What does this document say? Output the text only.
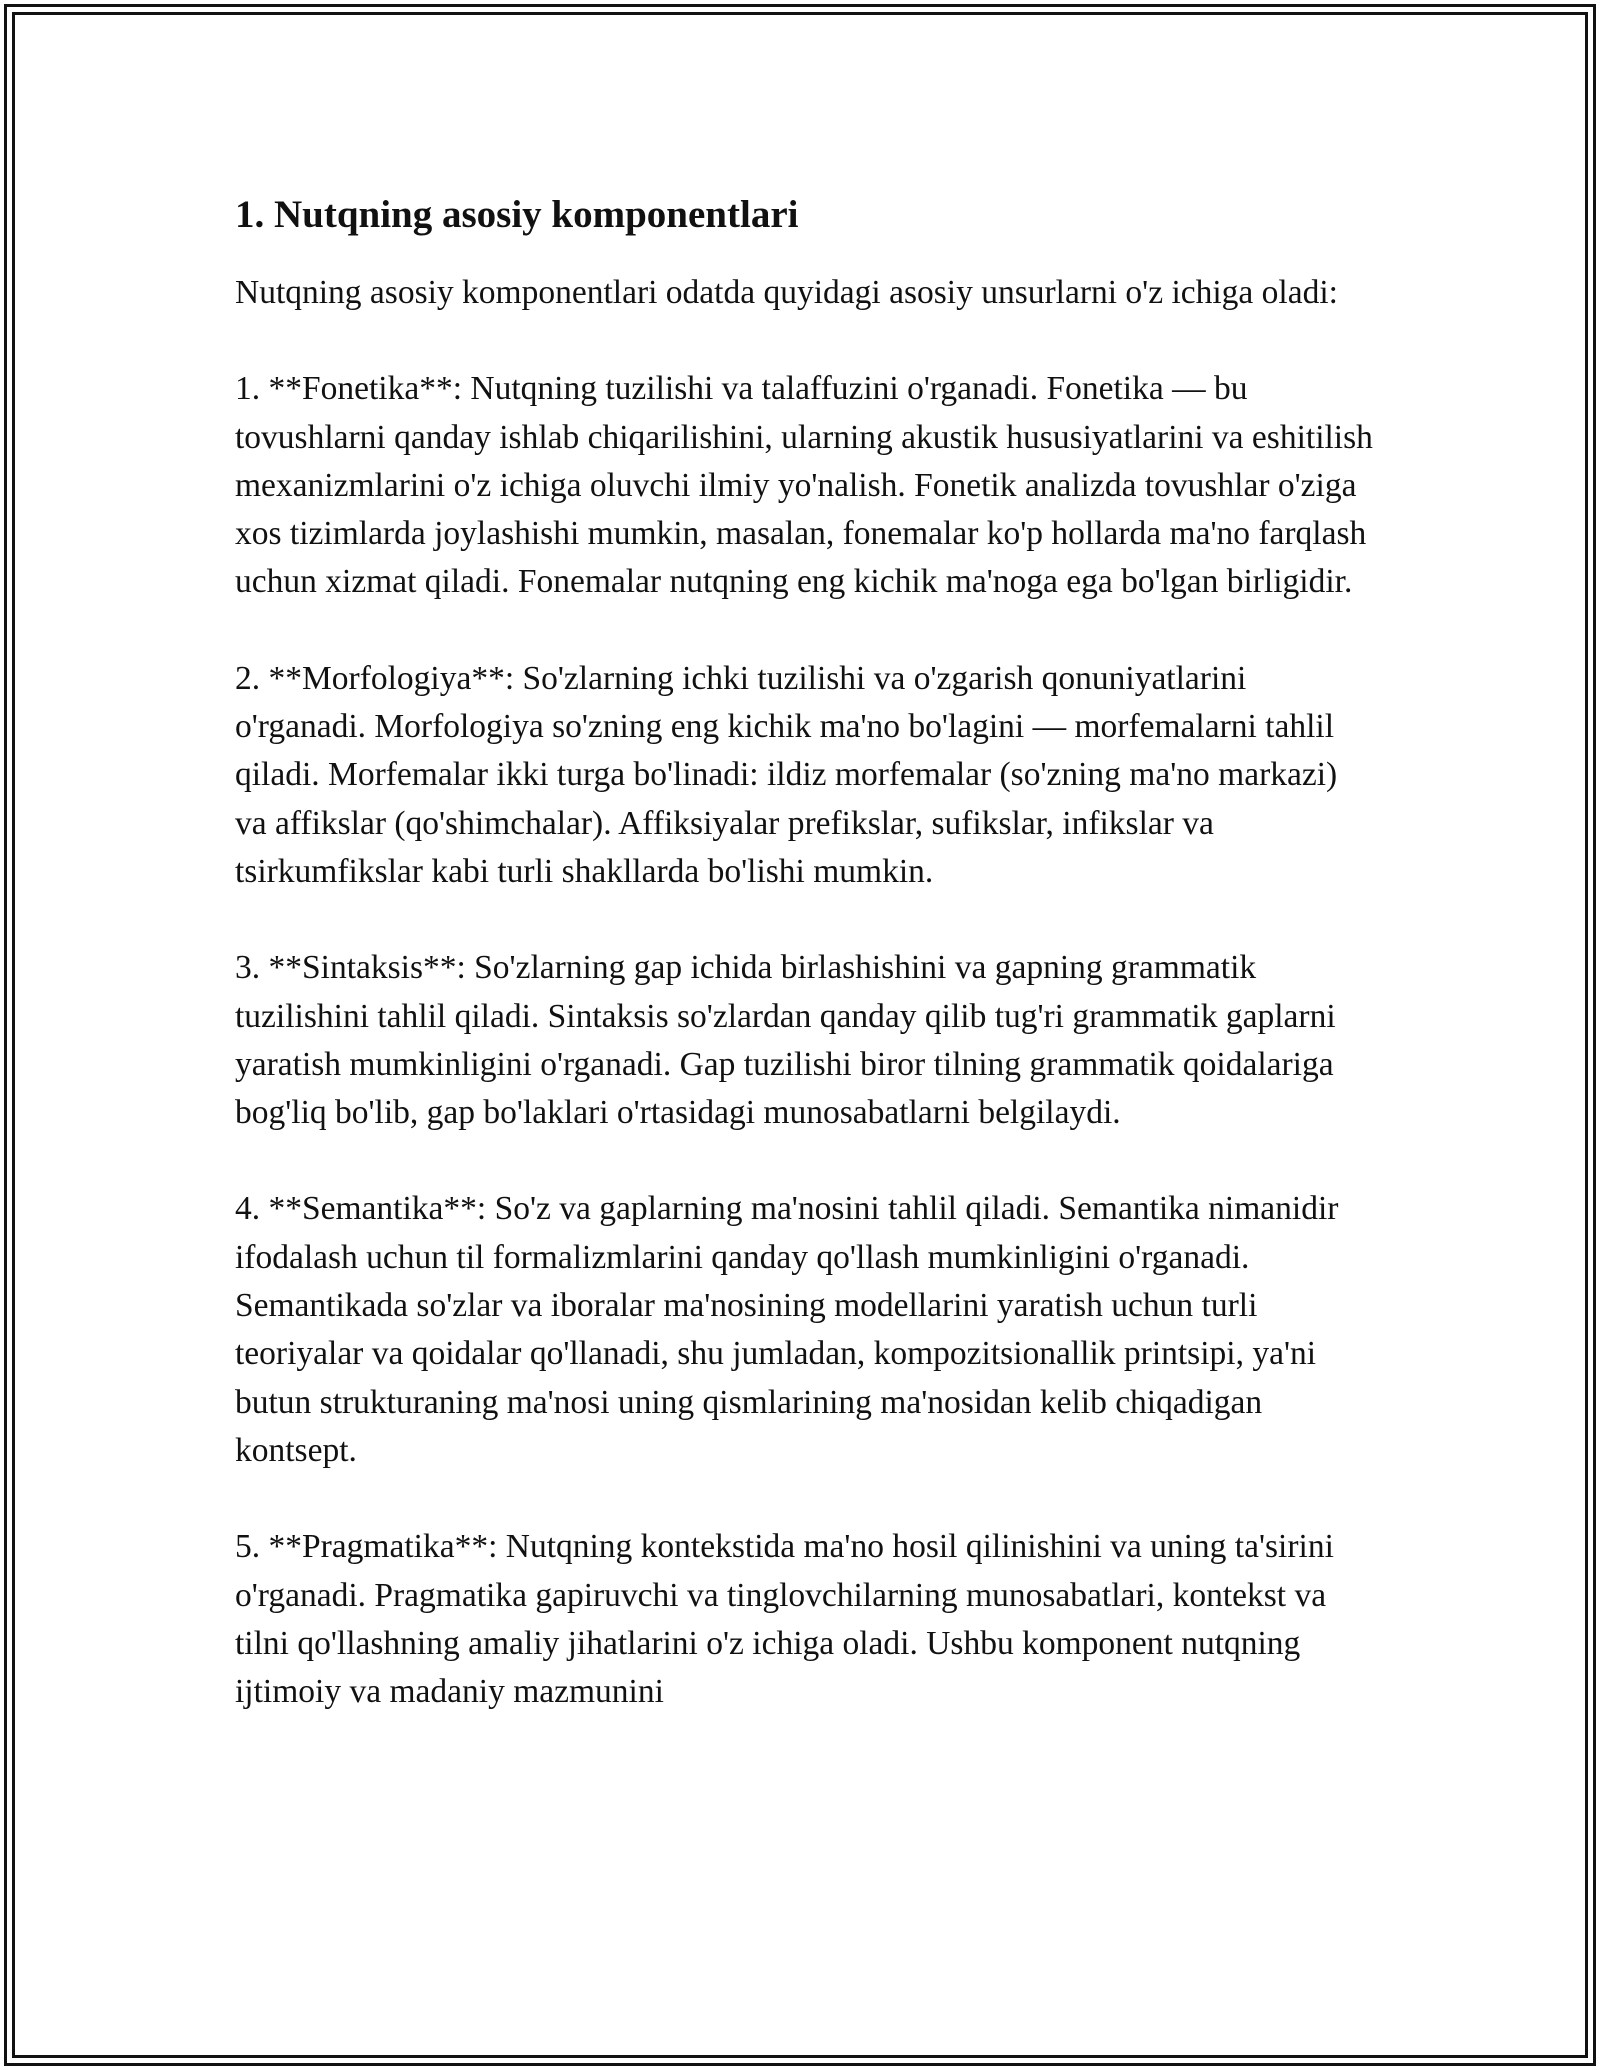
1. Nutqning asosiy komponentlari

Nutqning asosiy komponentlari odatda quyidagi asosiy unsurlarni o'z ichiga oladi:

1. **Fonetika**: Nutqning tuzilishi va talaffuzini o'rganadi. Fonetika — bu tovushlarni qanday ishlab chiqarilishini, ularning akustik hususiyatlarini va eshitilish mexanizmlarini o'z ichiga oluvchi ilmiy yo'nalish. Fonetik analizda tovushlar o'ziga xos tizimlarda joylashishi mumkin, masalan, fonemalar ko'p hollarda ma'no farqlash uchun xizmat qiladi. Fonemalar nutqning eng kichik ma'noga ega bo'lgan birligidir.

2. **Morfologiya**: So'zlarning ichki tuzilishi va o'zgarish qonuniyatlarini o'rganadi. Morfologiya so'zning eng kichik ma'no bo'lagini — morfemalarni tahlil qiladi. Morfemalar ikki turga bo'linadi: ildiz morfemalar (so'zning ma'no markazi) va affikslar (qo'shimchalar). Affiksiyalar prefikslar, sufikslar, infikslar va tsirkumfikslar kabi turli shakllarda bo'lishi mumkin.

3. **Sintaksis**: So'zlarning gap ichida birlashishini va gapning grammatik tuzilishini tahlil qiladi. Sintaksis so'zlardan qanday qilib tug'ri grammatik gaplarni yaratish mumkinligini o'rganadi. Gap tuzilishi biror tilning grammatik qoidalariga bog'liq bo'lib, gap bo'laklari o'rtasidagi munosabatlarni belgilaydi.

4. **Semantika**: So'z va gaplarning ma'nosini tahlil qiladi. Semantika nimanidir ifodalash uchun til formalizmlarini qanday qo'llash mumkinligini o'rganadi. Semantikada so'zlar va iboralar ma'nosining modellarini yaratish uchun turli teoriyalar va qoidalar qo'llanadi, shu jumladan, kompozitsionallik printsipi, ya'ni butun strukturaning ma'nosi uning qismlarining ma'nosidan kelib chiqadigan kontsept.

5. **Pragmatika**: Nutqning kontekstida ma'no hosil qilinishini va uning ta'sirini o'rganadi. Pragmatika gapiruvchi va tinglovchilarning munosabatlari, kontekst va tilni qo'llashning amaliy jihatlarini o'z ichiga oladi. Ushbu komponent nutqning ijtimoiy va madaniy mazmunini
